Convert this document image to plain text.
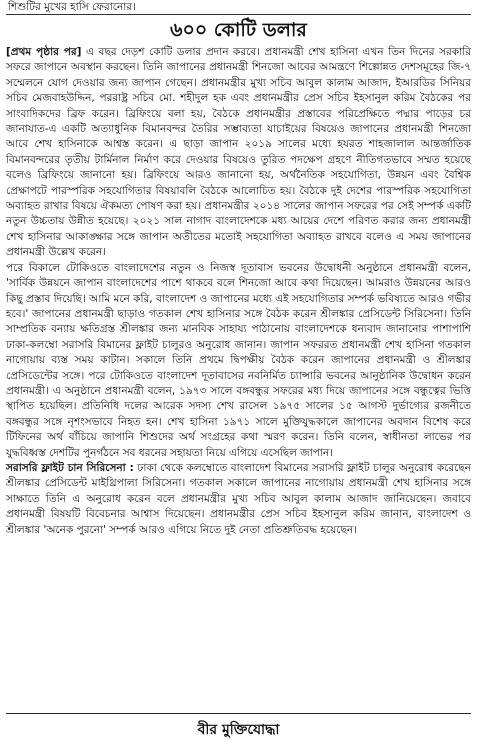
শিশুটির মুখের হাসি ফেরানোর।
৬০০ কোটি ডলার

[প্রথম পৃষ্ঠার পর] এ বছর দেড়শ কোটি ডলার প্রদান করবে। প্রধানমন্ত্রী শেখ হাসিনা এখন তিন দিনের সরকারি সফরে জাপানে অবস্থান করছেন। তিনি জাপানের প্রধানমন্ত্রী শিনজো আবের আমন্ত্রণে শিল্পোন্নত দেশসমূহের জি-৭ সম্মেলনে যোগ দেওয়ার জন্য জাপান গেছেন। প্রধানমন্ত্রীর মুখ্য সচিব আবুল কালাম আজাদ, ইআরডির সিনিয়র সচিব মেজবাহউদ্দিন, পররাষ্ট্র সচিব মো. শহীদুল হক এবং প্রধানমন্ত্রীর প্রেস সচিব ইহসানুল করিম বৈঠকের পর সাংবাদিকদের ব্রিফ করেন। ব্রিফিংয়ে বলা হয়, বৈঠকে প্রধানমন্ত্রীর প্রস্তাবের পরিপ্রেক্ষিতে পদ্মার পাড়ের চর জানাযাত-এ একটি অত্যাধুনিক বিমানবন্দর তৈরির সম্ভাব্যতা যাচাইয়ের বিষয়েও জাপানের প্রধানমন্ত্রী শিনজো আবে শেখ হাসিনাকে আশ্বস্ত করেন। এ ছাড়া জাপান ২০১৯ সালের মধ্যে হযরত শাহজালাল আন্তর্জাতিক বিমানবন্দরের তৃতীয় টার্মিনাল নির্মাণ করে দেওয়ার বিষয়েও তুরিত পদক্ষেপ গ্রহণে নীতিগতভাবে সম্মত হয়েছে বলেও ব্রিফিংয়ে জানানো হয়। ব্রিফিংয়ে আরও জানানো হয়, অর্থনৈতিক সহযোগিতা, উন্নয়ন এবং বৈশ্বিক প্রেক্ষাপটে পারস্পরিক সহযোগিতার বিষয়াবলি বৈঠকে আলোচিত হয়। বৈঠকে দুই দেশের পারস্পরিক সহযোগিতা অব্যাহত রাখার বিষয়ে ঐকমত্য পোষণ করা হয়। প্রধানমন্ত্রীর ২০১৪ সালের জাপান সফরের পর সেই সম্পর্ক একটি নতুন উচ্চতায় উন্নীত হয়েছে। ২০২১ সাল নাগাদ বাংলাদেশকে মধ্য আয়ের দেশে পরিণত করার জন্য প্রধানমন্ত্রী শেখ হাসিনার আকাঙ্ক্ষার সঙ্গে জাপান অতীতের মতোই সহযোগিতা অব্যাহত রাখবে বলেও এ সময় জাপানের প্রধানমন্ত্রী উল্লেখ করেন।

পরে বিকালে টোকিওতে বাংলাদেশের নতুন ও নিজস্ব দূতাবাস ভবনের উদ্বোধনী অনুষ্ঠানে প্রধানমন্ত্রী বলেন, 'সার্বিক উন্নয়নে জাপান বাংলাদেশের পাশে থাকবে বলে শিনজো আবে কথা দিয়েছেন। আমরাও উন্নয়নের আরও কিছু প্রস্তাব দিয়েছি। আমি মনে করি, বাংলাদেশ ও জাপানের মধ্যে এই সহযোগিতার সম্পর্ক ভবিষ্যতে আরও গভীর হবে।' জাপানের প্রধানমন্ত্রী ছাড়াও গতকাল শেখ হাসিনার সঙ্গে বৈঠক করেন শ্রীলঙ্কার প্রেসিডেন্ট সিরিসেনা। তিনি সাম্প্রতিক বন্যায় ক্ষতিগ্রস্ত শ্রীলঙ্কার জন্য মানবিক সাহায্য পাঠানোয় বাংলাদেশকে ধন্যবাদ জানানোর পাশাপাশি ঢাকা-কলম্বো সরাসরি বিমানের ফ্লাইট চালুরও অনুরোধ জানান। জাপান সফররত প্রধানমন্ত্রী শেখ হাসিনা গতকাল নাগোয়ায় ব্যস্ত সময় কাটান। সকালে তিনি প্রথমে দ্বিপক্ষীয় বৈঠক করেন জাপানের প্রধানমন্ত্রী ও শ্রীলঙ্কার প্রেসিডেন্টের সঙ্গে। পরে টোকিওতে বাংলাদেশ দূতাবাসের নবনির্মিত চ্যান্সারি ভবনের আনুষ্ঠানিক উদ্বোধন করেন প্রধানমন্ত্রী। এ অনুষ্ঠানে প্রধানমন্ত্রী বলেন, ১৯৭৩ সালে বঙ্গবন্ধুর সফরের মধ্য দিয়ে জাপানের সঙ্গে বন্ধুত্বের ভিত্তি স্থাপিত হয়েছিল। প্রতিনিধি দলের আরেক সদস্য শেখ রাসেল ১৯৭৫ সালের ১৫ আগস্ট দুর্ভাগ্যের রজনীতে বঙ্গবন্ধুর সঙ্গে নৃশংসভাবে নিহত হন। শেখ হাসিনা ১৯৭১ সালে মুক্তিযুদ্ধকালে জাপানের অবদান বিশেষ করে টিফিনের অর্থ বাঁচিয়ে জাপানি শিশুদের অর্থ সংগ্রহের কথা স্মরণ করেন। তিনি বলেন, স্বাধীনতা লাভের পর যুদ্ধবিধ্বস্ত দেশটির পুনর্গঠনে সব ধরনের সহায়তা নিয়ে এগিয়ে এসেছিল জাপান।

সরাসরি ফ্লাইট চান সিরিসেনা : ঢাকা থেকে কলম্বোতে বাংলাদেশ বিমানের সরাসরি ফ্লাইট চালুর অনুরোধ করেছেন শ্রীলঙ্কার প্রেসিডেন্ট মাইথ্রিপালা সিরিসেনা। গতকাল সকালে জাপানের নাগোয়ায় প্রধানমন্ত্রী শেখ হাসিনার সঙ্গে সাক্ষাতে তিনি এ অনুরোধ করেন বলে প্রধানমন্ত্রীর মুখ্য সচিব আবুল কালাম আজাদ জানিয়েছেন। জবাবে প্রধানমন্ত্রী বিষয়টি বিবেচনার আশ্বাস দিয়েছেন। প্রধানমন্ত্রীর প্রেস সচিব ইহসানুল করিম জানান, বাংলাদেশ ও শ্রীলঙ্কার 'অনেক পুরনো' সম্পর্ক আরও এগিয়ে নিতে দুই নেতা প্রতিশ্রুতিবদ্ধ হয়েছেন।

বীর মুক্তিযোদ্ধা
